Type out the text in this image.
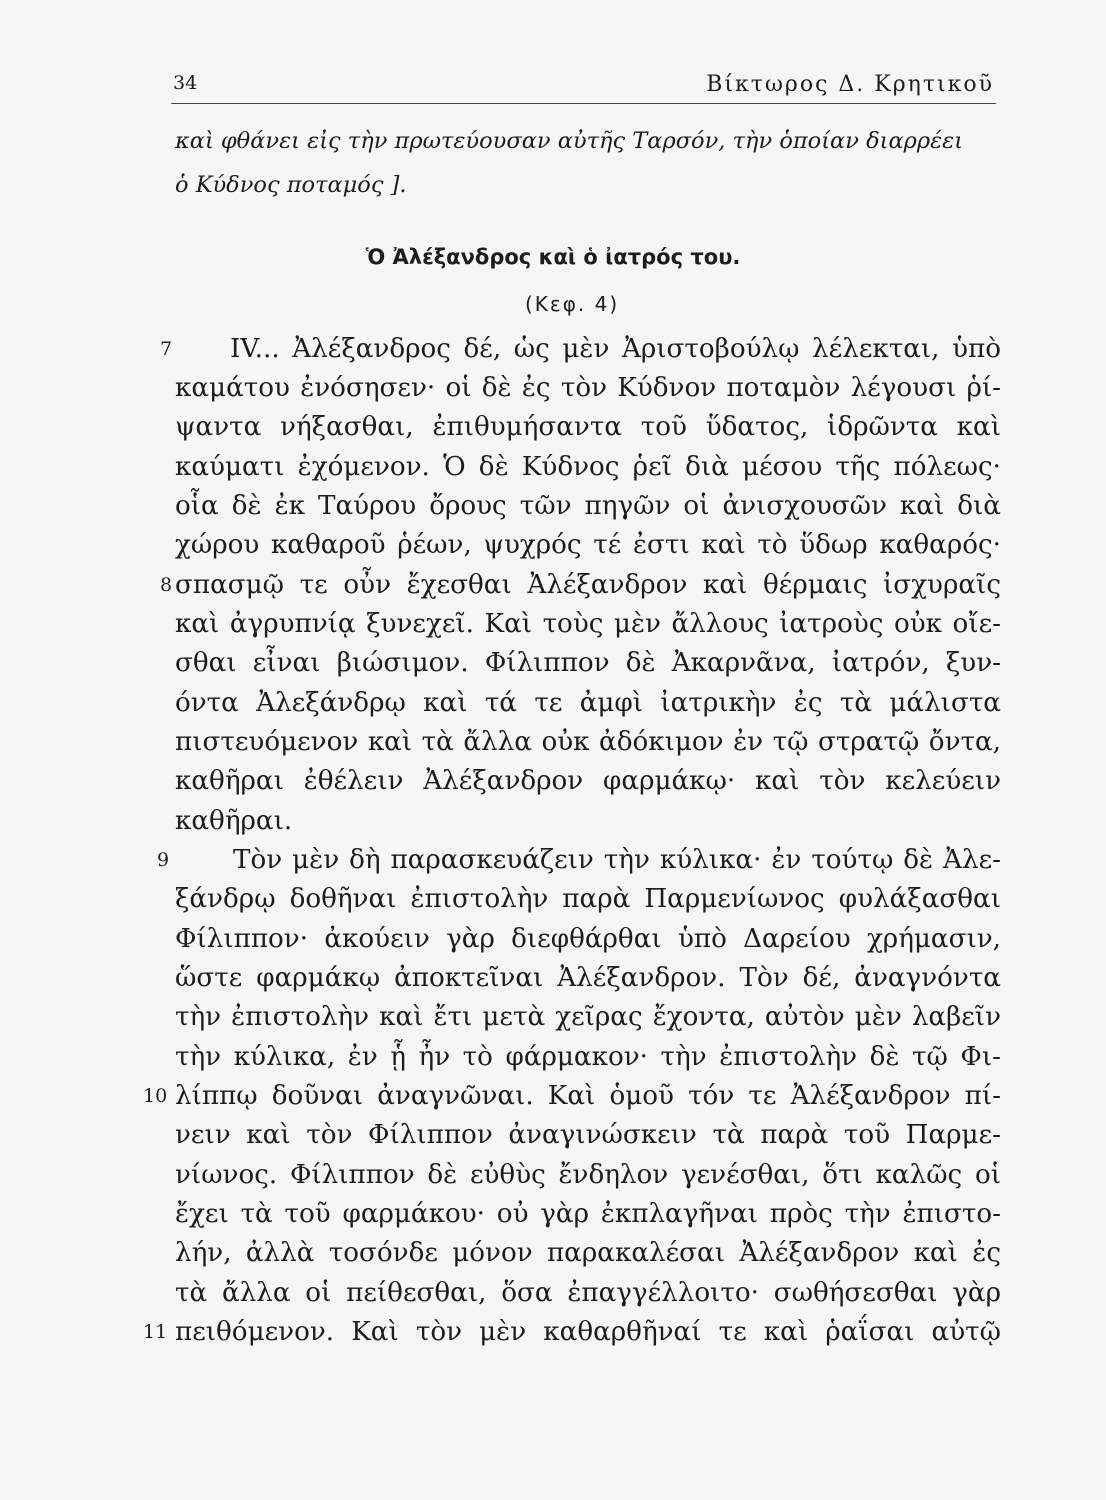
34	Βίκτωρος Δ. Κρητικοῦ
καὶ φθάνει εἰς τὴν πρωτεύουσαν αὐτῆς Ταρσόν, τὴν ὁποίαν διαρρέει
ὁ Κύδνος ποταμός ].
Ὁ Ἀλέξανδρος καὶ ὁ ἰατρός του.
(Κεφ. 4)
7	IV... Ἀλέξανδρος δέ, ὡς μὲν Ἀριστοβούλῳ λέλεκται, ὑπὸ
καμάτου ἐνόσησεν· οἱ δὲ ἐς τὸν Κύδνον ποταμὸν λέγουσι ῥί-
ψαντα νήξασθαι, ἐπιθυμήσαντα τοῦ ὕδατος, ἱδρῶντα καὶ
καύματι ἐχόμενον. Ὁ δὲ Κύδνος ῥεῖ διὰ μέσου τῆς πόλεως·
οἷα δὲ ἐκ Ταύρου ὄρους τῶν πηγῶν οἱ ἀνισχουσῶν καὶ διὰ
χώρου καθαροῦ ῥέων, ψυχρός τέ ἐστι καὶ τὸ ὕδωρ καθαρός·
8 σπασμῷ τε οὖν ἔχεσθαι Ἀλέξανδρον καὶ θέρμαις ἰσχυραῖς
καὶ ἀγρυπνίᾳ ξυνεχεῖ. Καὶ τοὺς μὲν ἄλλους ἰατροὺς οὐκ οἴε-
σθαι εἶναι βιώσιμον. Φίλιππον δὲ Ἀκαρνᾶνα, ἰατρόν, ξυν-
όντα Ἀλεξάνδρῳ καὶ τά τε ἀμφὶ ἰατρικὴν ἐς τὰ μάλιστα
πιστευόμενον καὶ τὰ ἄλλα οὐκ ἀδόκιμον ἐν τῷ στρατῷ ὄντα,
καθῆραι ἐθέλειν Ἀλέξανδρον φαρμάκῳ· καὶ τὸν κελεύειν
καθῆραι.
9	Τὸν μὲν δὴ παρασκευάζειν τὴν κύλικα· ἐν τούτῳ δὲ Ἀλε-
ξάνδρῳ δοθῆναι ἐπιστολὴν παρὰ Παρμενίωνος φυλάξασθαι
Φίλιππον· ἀκούειν γὰρ διεφθάρθαι ὑπὸ Δαρείου χρήμασιν,
ὥστε φαρμάκῳ ἀποκτεῖναι Ἀλέξανδρον. Τὸν δέ, ἀναγνόντα
τὴν ἐπιστολὴν καὶ ἔτι μετὰ χεῖρας ἔχοντα, αὐτὸν μὲν λαβεῖν
τὴν κύλικα, ἐν ᾗ ἦν τὸ φάρμακον· τὴν ἐπιστολὴν δὲ τῷ Φι-
10 λίππῳ δοῦναι ἀναγνῶναι. Καὶ ὁμοῦ τόν τε Ἀλέξανδρον πί-
νειν καὶ τὸν Φίλιππον ἀναγινώσκειν τὰ παρὰ τοῦ Παρμε-
νίωνος. Φίλιππον δὲ εὐθὺς ἔνδηλον γενέσθαι, ὅτι καλῶς οἱ
ἔχει τὰ τοῦ φαρμάκου· οὐ γὰρ ἐκπλαγῆναι πρὸς τὴν ἐπιστο-
λήν, ἀλλὰ τοσόνδε μόνον παρακαλέσαι Ἀλέξανδρον καὶ ἐς
τὰ ἄλλα οἱ πείθεσθαι, ὅσα ἐπαγγέλλοιτο· σωθήσεσθαι γὰρ
11 πειθόμενον. Καὶ τὸν μὲν καθαρθῆναί τε καὶ ῥαΐσαι αὐτῷ
